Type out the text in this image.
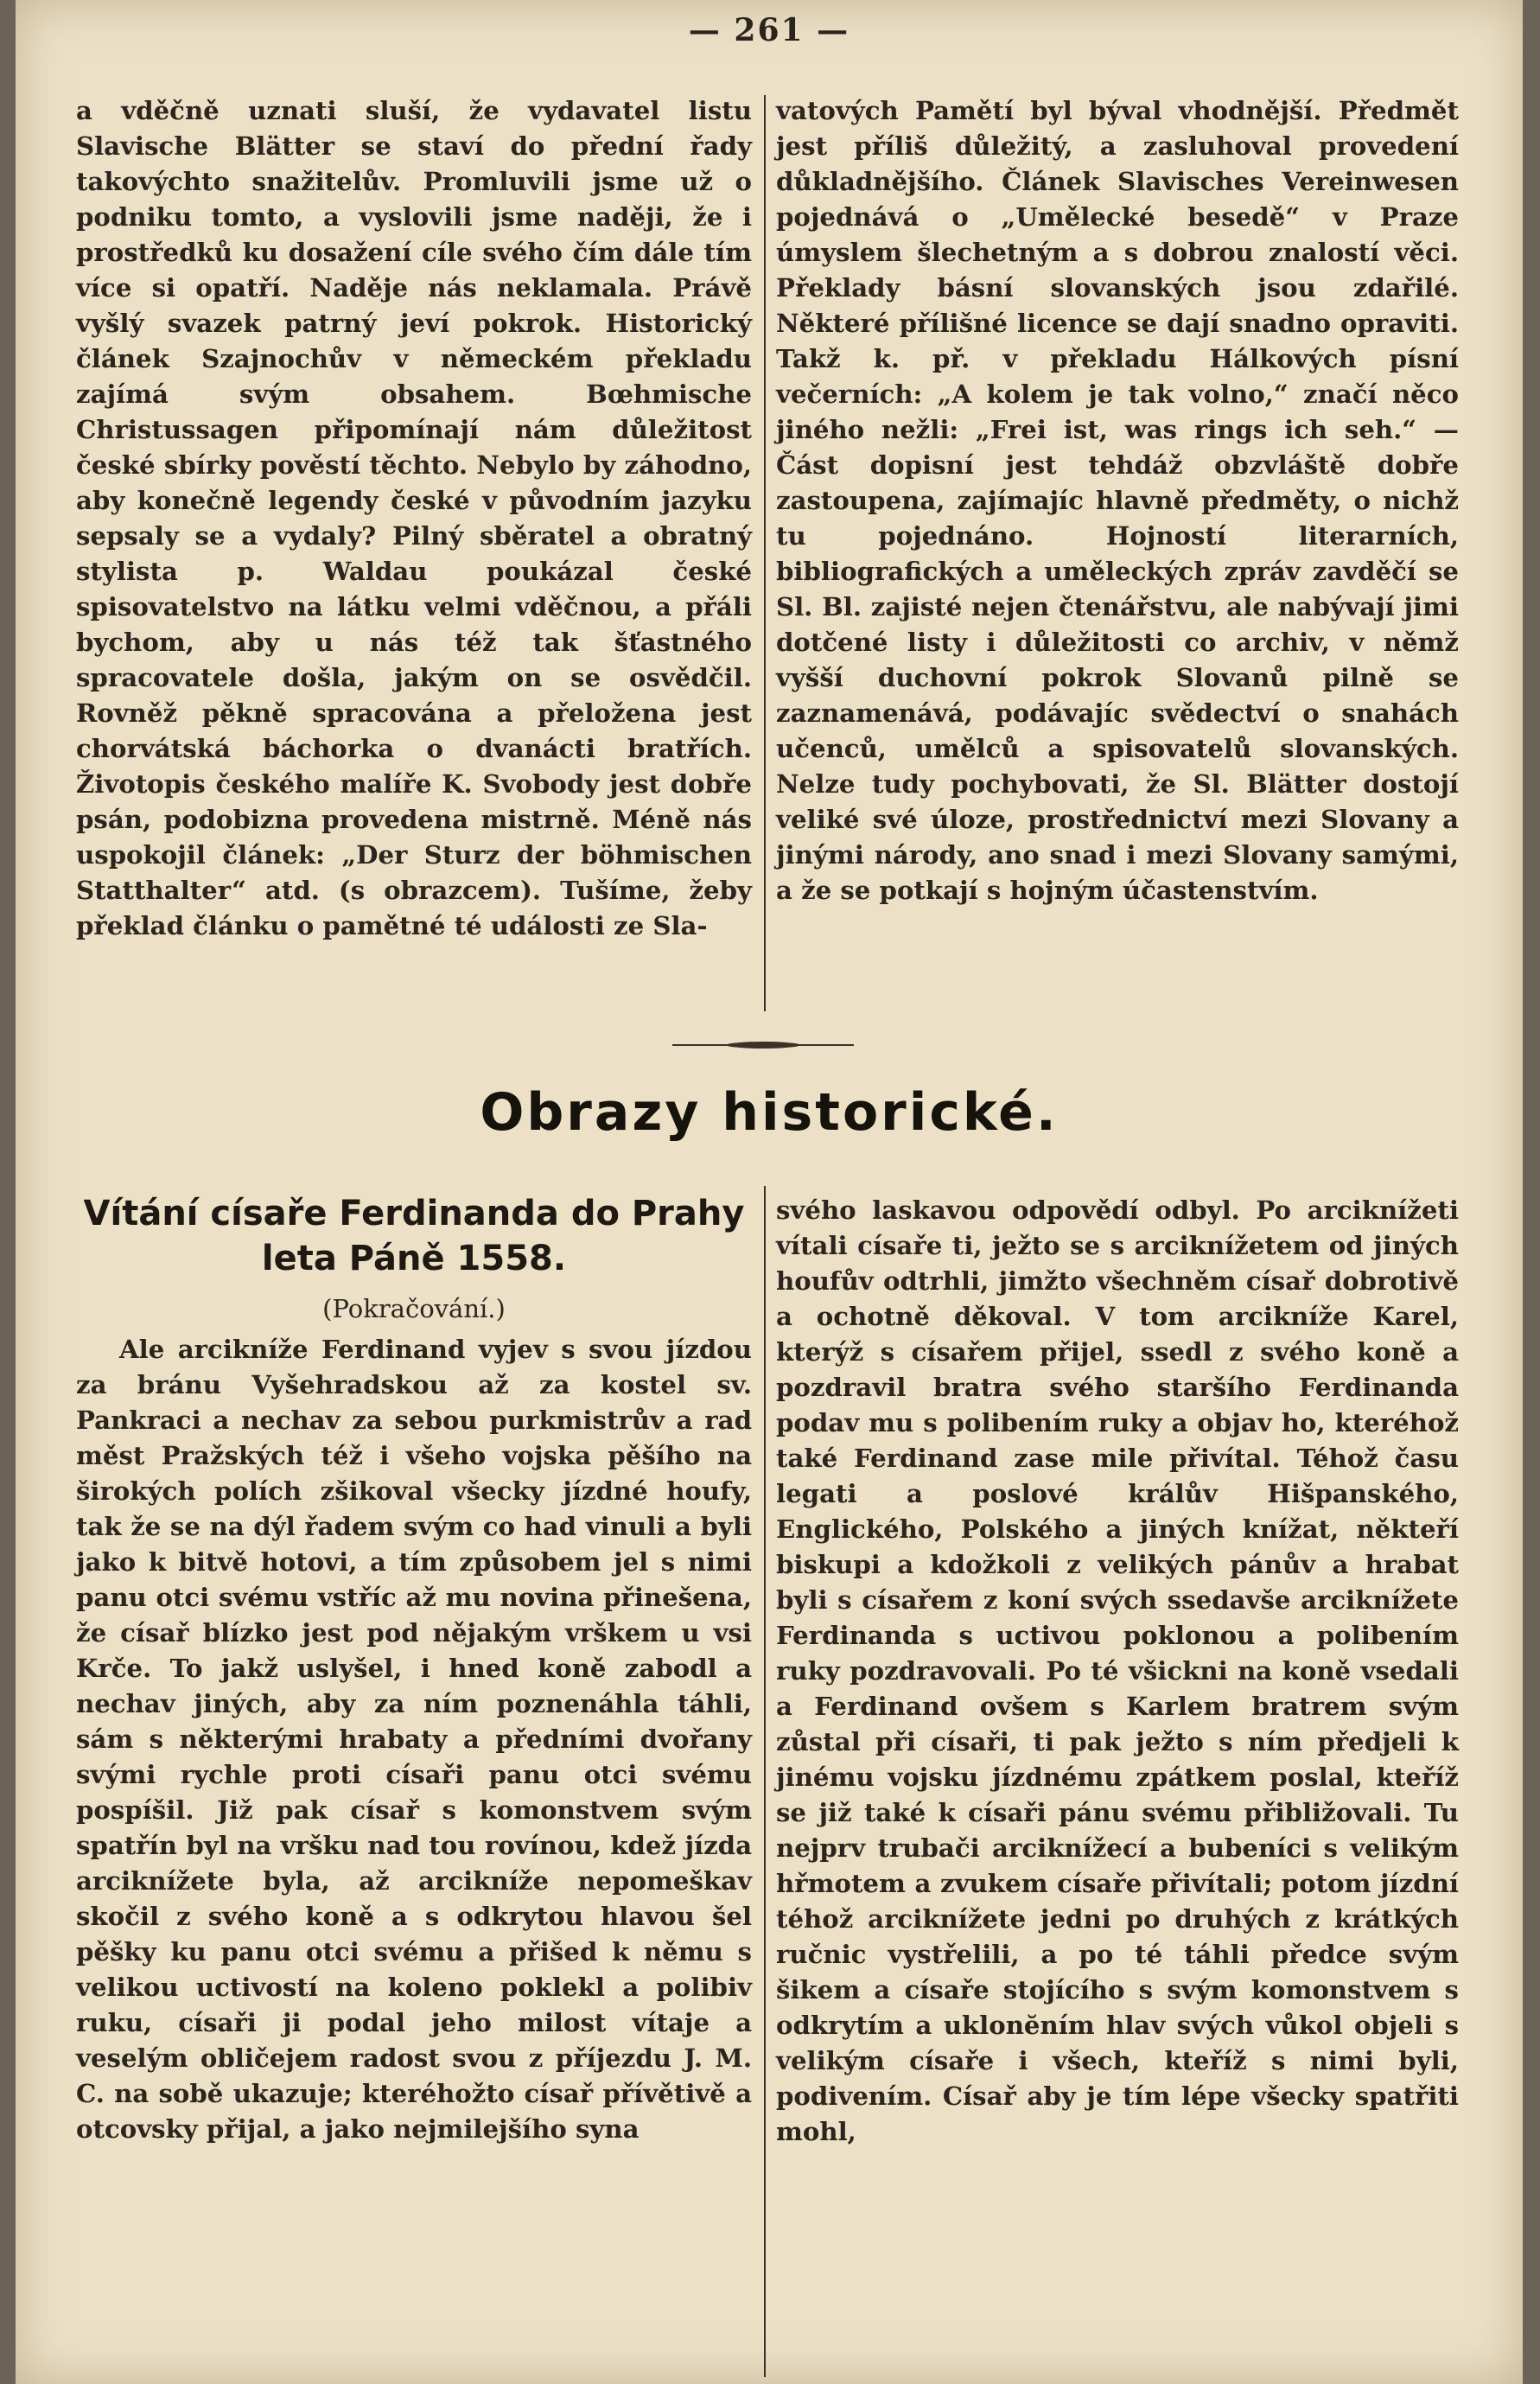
— 261 —

a vděčně uznati sluší, že vydavatel listu Slavische Blätter se staví do přední řady takovýchto snažitelův. Promluvili jsme už o podniku tomto, a vyslovili jsme naději, že i prostředků ku dosažení cíle svého čím dále tím více si opatří. Naděje nás neklamala. Právě vyšlý svazek patrný jeví pokrok. Historický článek Szajnochův v německém překladu zajímá svým obsahem. Bœhmische Christussagen připomínají nám důležitost české sbírky pověstí těchto. Nebylo by záhodno, aby konečně legendy české v původním jazyku sepsaly se a vydaly? Pilný sběratel a obratný stylista p. Waldau poukázal české spisovatelstvo na látku velmi vděčnou, a přáli bychom, aby u nás též tak šťastného spracovatele došla, jakým on se osvědčil. Rovněž pěkně spracována a přeložena jest chorvátská báchorka o dvanácti bratřích. Životopis českého malíře K. Svobody jest dobře psán, podobizna provedena mistrně. Méně nás uspokojil článek: „Der Sturz der böhmischen Statthalter“ atd. (s obrazcem). Tušíme, žeby překlad článku o pamětné té události ze Sla-

vatových Pamětí byl býval vhodnější. Předmět jest příliš důležitý, a zasluhoval provedení důkladnějšího. Článek Slavisches Vereinwesen pojednává o „Umělecké besedě“ v Praze úmyslem šlechetným a s dobrou znalostí věci. Překlady básní slovanských jsou zdařilé. Některé přílišné licence se dají snadno opraviti. Takž k. př. v překladu Hálkových písní večerních: „A kolem je tak volno,“ značí něco jiného nežli: „Frei ist, was rings ich seh.“ — Část dopisní jest tehdáž obzvláště dobře zastoupena, zajímajíc hlavně předměty, o nichž tu pojednáno. Hojností literarních, bibliografických a uměleckých zpráv zavděčí se Sl. Bl. zajisté nejen čtenářstvu, ale nabývají jimi dotčené listy i důležitosti co archiv, v němž vyšší duchovní pokrok Slovanů pilně se zaznamenává, podávajíc svědectví o snahách učenců, umělců a spisovatelů slovanských. Nelze tudy pochybovati, že Sl. Blätter dostojí veliké své úloze, prostřednictví mezi Slovany a jinými národy, ano snad i mezi Slovany samými, a že se potkají s hojným účastenstvím.

Obrazy historické.
Vítání císaře Ferdinanda do Prahy leta Páně 1558.
(Pokračování.)

Ale arcikníže Ferdinand vyjev s svou jízdou za bránu Vyšehradskou až za kostel sv. Pankraci a nechav za sebou purkmistrův a rad měst Pražských též i všeho vojska pěšího na širokých polích zšikoval všecky jízdné houfy, tak že se na dýl řadem svým co had vinuli a byli jako k bitvě hotovi, a tím způsobem jel s nimi panu otci svému vstříc až mu novina přinešena, že císař blízko jest pod nějakým vrškem u vsi Krče. To jakž uslyšel, i hned koně zabodl a nechav jiných, aby za ním poznenáhla táhli, sám s některými hrabaty a předními dvořany svými rychle proti císaři panu otci svému pospíšil. Již pak císař s komonstvem svým spatřín byl na vršku nad tou rovínou, kdež jízda arciknížete byla, až arcikníže nepomeškav skočil z svého koně a s odkrytou hlavou šel pěšky ku panu otci svému a přišed k němu s velikou uctivostí na koleno poklekl a polibiv ruku, císaři ji podal jeho milost vítaje a veselým obličejem radost svou z příjezdu J. M. C. na sobě ukazuje; kteréhožto císař přívětivě a otcovsky přijal, a jako nejmilejšího syna

svého laskavou odpovědí odbyl. Po arciknížeti vítali císaře ti, ježto se s arciknížetem od jiných houfův odtrhli, jimžto všechněm císař dobrotivě a ochotně děkoval. V tom arcikníže Karel, kterýž s císařem přijel, ssedl z svého koně a pozdravil bratra svého staršího Ferdinanda podav mu s polibením ruky a objav ho, kteréhož také Ferdinand zase mile přivítal. Téhož času legati a poslové králův Hišpanského, Englického, Polského a jiných knížat, někteří biskupi a kdožkoli z velikých pánův a hrabat byli s císařem z koní svých ssedavše arciknížete Ferdinanda s uctivou poklonou a polibením ruky pozdravovali. Po té všickni na koně vsedali a Ferdinand ovšem s Karlem bratrem svým zůstal při císaři, ti pak ježto s ním předjeli k jinému vojsku jízdnému zpátkem poslal, kteříž se již také k císaři pánu svému přibližovali. Tu nejprv trubači arciknížecí a bubeníci s velikým hřmotem a zvukem císaře přivítali; potom jízdní téhož arciknížete jedni po druhých z krátkých ručnic vystřelili, a po té táhli předce svým šikem a císaře stojícího s svým komonstvem s odkrytím a uklonĕním hlav svých vůkol objeli s velikým císaře i všech, kteříž s nimi byli, podivením. Císař aby je tím lépe všecky spatřiti mohl,
